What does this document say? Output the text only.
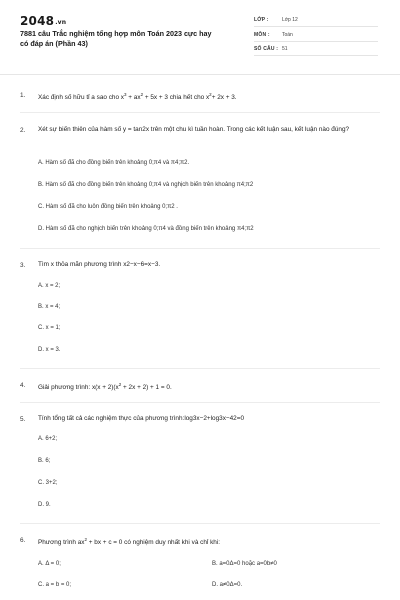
2048.vn
7881 câu Trắc nghiệm tổng hợp môn Toán 2023 cực hay có đáp án (Phần 43)
LỚP :	Lớp 12
MÔN : Toán
SỐ CÂU : 51
1. Xác định số hữu tỉ a sao cho $x^3 + ax^2 + 5x + 3$ chia hết cho $x^2+ 2x + 3$.
2. Xét sự biến thiên của hàm số y = tan2x trên một chu kì tuần hoàn. Trong các kết luận sau, kết luận nào đúng?
A. Hàm số đã cho đồng biến trên khoảng 0;π4 và π4;π2.
B. Hàm số đã cho đồng biến trên khoảng 0;π4 và nghịch biến trên khoảng π4;π2
C. Hàm số đã cho luôn đồng biến trên khoảng 0;π2 .
D. Hàm số đã cho nghịch biến trên khoảng 0;π4 và đồng biến trên khoảng π4;π2
3. Tìm x thỏa mãn phương trình x2−x−6=x−3.
A. x = 2;
B. x = 4;
C. x = 1;
D. x = 3.
4. Giải phương trình: $x(x + 2)(x^2 + 2x + 2) + 1 = 0$.
5. Tính tổng tất cả các nghiệm thực của phương trình:log3x−2+log3x−42=0
A. 6+2;
B. 6;
C. 3+2;
D. 9.
6. Phương trình $ax^2$ + bx + c = 0 có nghiệm duy nhất khi và chỉ khi:
A. Δ = 0;	B. a=0Δ=0 hoặc a=0b≠0
C. a = b = 0;	D. a≠0Δ=0.
